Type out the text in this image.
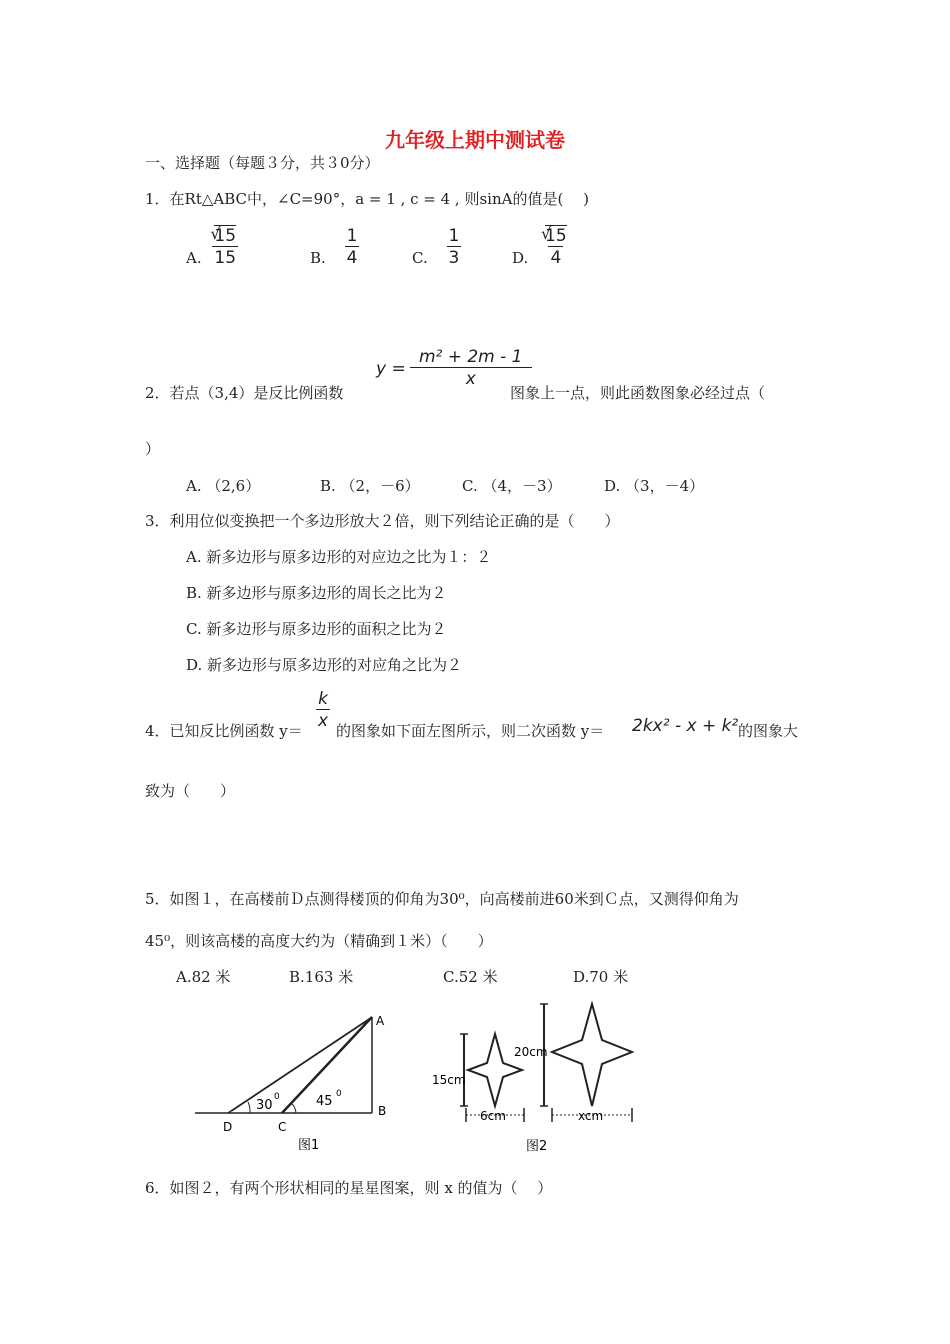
九年级上期中测试卷
一、选择题（每题３分，共３0分）
1．在Rt△ABC中，∠C=90°，a = 1 , c = 4 , 则sinA的值是(　 )
A. √ $\frac{15}{15}$	B. $\frac{1}{4}$	C. $\frac{1}{3}$	D. √ $\frac{15}{4}$
2．若点（3,4）是反比例函数
$y = \frac{\text{m² + 2m - 1}}{x}$
图象上一点，则此函数图象必经过点（
）
A. （2,6）	B. （2，－6）	C. （4，－3）	D. （3，－4）
3．利用位似变换把一个多边形放大２倍，则下列结论正确的是（　　）
A. 新多边形与原多边形的对应边之比为１：２
B. 新多边形与原多边形的周长之比为２
C. 新多边形与原多边形的面积之比为２
D. 新多边形与原多边形的对应角之比为２
4．已知反比例函数 $y= \frac{k}{x}$ 的图象如下面左图所示，则二次函数 y＝ 2kx² - x + k² 的图象大
致为（　　）
5．如图１，在高楼前Ｄ点测得楼顶的仰角为30⁰，向高楼前进60米到Ｃ点，又测得仰角为
45⁰，则该高楼的高度大约为（精确到１米）（　　）
A.82 米	B.163 米	C.52 米	D.70 米
A
B
C
D
30
0	45 0
图1
15cm
6cm
20cm
xcm
图2
6．如图２，有两个形状相同的星星图案，则 x 的值为（　 ）
